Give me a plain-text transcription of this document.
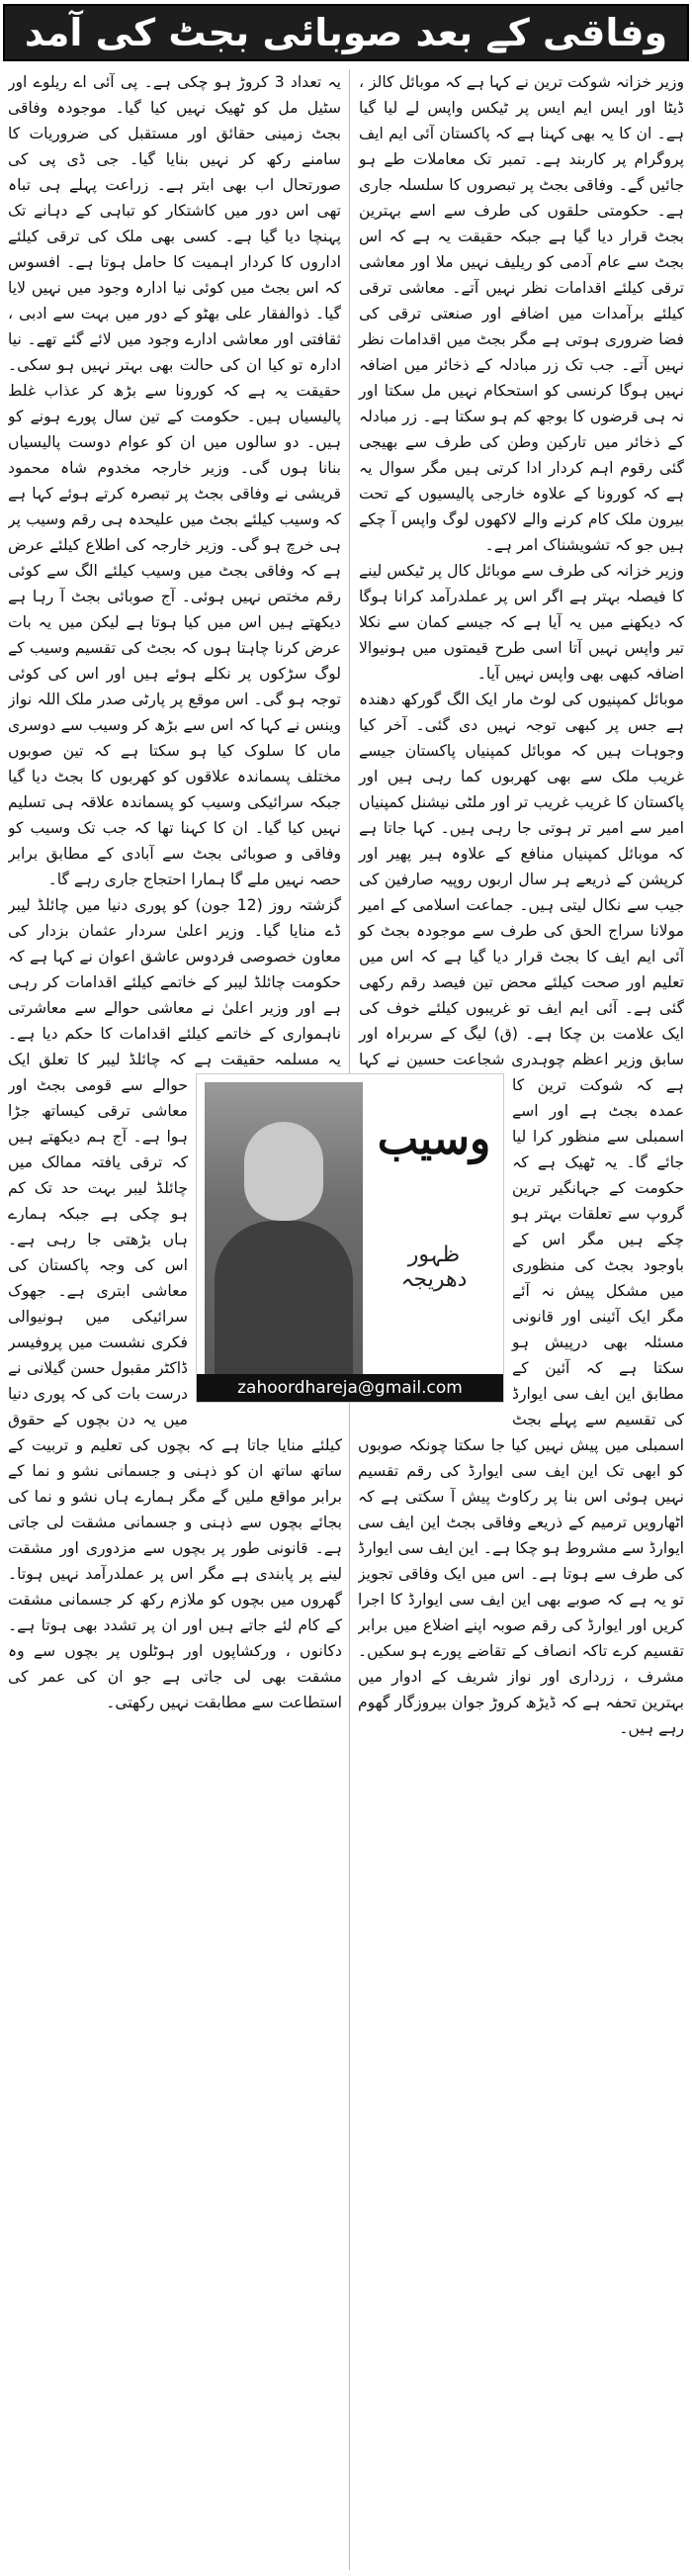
وفاقی کے بعد صوبائی بجٹ کی آمد

وزیر خزانہ شوکت ترین نے کہا ہے کہ موبائل کالز ، ڈیٹا اور ایس ایم ایس پر ٹیکس واپس لے لیا گیا ہے۔ ان کا یہ بھی کہنا ہے کہ پاکستان آئی ایم ایف پروگرام پر کاربند ہے۔ تمبر تک معاملات طے ہو جائیں گے۔ وفاقی بجٹ پر تبصروں کا سلسلہ جاری ہے۔ حکومتی حلقوں کی طرف سے اسے بہترین بجٹ قرار دیا گیا ہے جبکہ حقیقت یہ ہے کہ اس بجٹ سے عام آدمی کو ریلیف نہیں ملا اور معاشی ترقی کیلئے اقدامات نظر نہیں آتے۔ معاشی ترقی کیلئے برآمدات میں اضافے اور صنعتی ترقی کی فضا ضروری ہوتی ہے مگر بجٹ میں اقدامات نظر نہیں آتے۔ جب تک زر مبادلہ کے ذخائر میں اضافہ نہیں ہوگا کرنسی کو استحکام نہیں مل سکتا اور نہ ہی قرضوں کا بوجھ کم ہو سکتا ہے۔ زر مبادلہ کے ذخائر میں تارکین وطن کی طرف سے بھیجی گئی رقوم اہم کردار ادا کرتی ہیں مگر سوال یہ ہے کہ کورونا کے علاوہ خارجی پالیسیوں کے تحت بیرون ملک کام کرنے والے لاکھوں لوگ واپس آ چکے ہیں جو کہ تشویشناک امر ہے۔

وزیر خزانہ کی طرف سے موبائل کال پر ٹیکس لینے کا فیصلہ بہتر ہے اگر اس پر عملدرآمد کرانا ہوگا کہ دیکھنے میں یہ آیا ہے کہ جیسے کمان سے نکلا تیر واپس نہیں آتا اسی طرح قیمتوں میں ہونیوالا اضافہ کبھی بھی واپس نہیں آیا۔

موبائل کمپنیوں کی لوٹ مار ایک الگ گورکھ دھندہ ہے جس پر کبھی توجہ نہیں دی گئی۔ آخر کیا وجوہات ہیں کہ موبائل کمپنیاں پاکستان جیسے غریب ملک سے بھی کھربوں کما رہی ہیں اور پاکستان کا غریب غریب تر اور ملٹی نیشنل کمپنیاں امیر سے امیر تر ہوتی جا رہی ہیں۔ کہا جاتا ہے کہ موبائل کمپنیاں منافع کے علاوہ ہیر پھیر اور کرپشن کے ذریعے ہر سال اربوں روپیہ صارفین کی جیب سے نکال لیتی ہیں۔ جماعت اسلامی کے امیر مولانا سراج الحق کی طرف سے موجودہ بجٹ کو آئی ایم ایف کا بجٹ قرار دیا گیا ہے کہ اس میں تعلیم اور صحت کیلئے محض تین فیصد رقم رکھی گئی ہے۔ آئی ایم ایف تو غریبوں کیلئے خوف کی ایک علامت بن چکا ہے۔ (ق) لیگ کے سربراہ اور سابق وزیر اعظم چوہدری شجاعت حسین نے کہا ہے کہ شوکت ترین کا عمدہ بجٹ ہے اور اسے اسمبلی سے منظور کرا لیا جائے گا۔ یہ ٹھیک ہے کہ حکومت کے جہانگیر ترین گروپ سے تعلقات بہتر ہو چکے ہیں مگر اس کے باوجود بجٹ کی منظوری میں مشکل پیش نہ آئے مگر ایک آئینی اور قانونی مسئلہ بھی درپیش ہو سکتا ہے کہ آئین کے مطابق این ایف سی ایوارڈ کی تقسیم سے پہلے بجٹ اسمبلی میں پیش نہیں کیا جا سکتا چونکہ صوبوں کو ابھی تک این ایف سی ایوارڈ کی رقم تقسیم نہیں ہوئی اس بنا پر رکاوٹ پیش آ سکتی ہے کہ اٹھارویں ترمیم کے ذریعے وفاقی بجٹ این ایف سی ایوارڈ سے مشروط ہو چکا ہے۔ این ایف سی ایوارڈ کی طرف سے ہوتا ہے۔ اس میں ایک وفاقی تجویز تو یہ ہے کہ صوبے بھی این ایف سی ایوارڈ کا اجرا کریں اور ایوارڈ کی رقم صوبہ اپنے اضلاع میں برابر تقسیم کرے تاکہ انصاف کے تقاضے پورے ہو سکیں۔ مشرف ، زرداری اور نواز شریف کے ادوار میں بہترین تحفہ ہے کہ ڈیڑھ کروڑ جوان بیروزگار گھوم رہے ہیں۔

یہ تعداد 3 کروڑ ہو چکی ہے۔ پی آئی اے ریلوے اور سٹیل مل کو ٹھیک نہیں کیا گیا۔ موجودہ وفاقی بجٹ زمینی حقائق اور مستقبل کی ضروریات کا سامنے رکھ کر نہیں بنایا گیا۔ جی ڈی پی کی صورتحال اب بھی ابتر ہے۔ زراعت پہلے ہی تباہ تھی اس دور میں کاشتکار کو تباہی کے دہانے تک پہنچا دیا گیا ہے۔ کسی بھی ملک کی ترقی کیلئے اداروں کا کردار اہمیت کا حامل ہوتا ہے۔ افسوس کہ اس بجٹ میں کوئی نیا ادارہ وجود میں نہیں لایا گیا۔ ذوالفقار علی بھٹو کے دور میں بہت سے ادبی ، ثقافتی اور معاشی ادارے وجود میں لائے گئے تھے۔ نیا ادارہ تو کیا ان کی حالت بھی بہتر نہیں ہو سکی۔ حقیقت یہ ہے کہ کورونا سے بڑھ کر عذاب غلط پالیسیاں ہیں۔ حکومت کے تین سال پورے ہونے کو ہیں۔ دو سالوں میں ان کو عوام دوست پالیسیاں بنانا ہوں گی۔ وزیر خارجہ مخدوم شاہ محمود قریشی نے وفاقی بجٹ پر تبصرہ کرتے ہوئے کہا ہے کہ وسیب کیلئے بجٹ میں علیحدہ ہی رقم وسیب پر ہی خرچ ہو گی۔ وزیر خارجہ کی اطلاع کیلئے عرض ہے کہ وفاقی بجٹ میں وسیب کیلئے الگ سے کوئی رقم مختص نہیں ہوئی۔ آج صوبائی بجٹ آ رہا ہے دیکھتے ہیں اس میں کیا ہوتا ہے لیکن میں یہ بات عرض کرنا چاہتا ہوں کہ بجٹ کی تقسیم وسیب کے لوگ سڑکوں پر نکلے ہوئے ہیں اور اس کی کوئی توجہ ہو گی۔ اس موقع پر پارٹی صدر ملک اللہ نواز وینس نے کہا کہ اس سے بڑھ کر وسیب سے دوسری ماں کا سلوک کیا ہو سکتا ہے کہ تین صوبوں مختلف پسماندہ علاقوں کو کھربوں کا بجٹ دیا گیا جبکہ سرائیکی وسیب کو پسماندہ علاقہ ہی تسلیم نہیں کیا گیا۔ ان کا کہنا تھا کہ جب تک وسیب کو وفاقی و صوبائی بجٹ سے آبادی کے مطابق برابر حصہ نہیں ملے گا ہمارا احتجاج جاری رہے گا۔

گزشتہ روز (12 جون) کو پوری دنیا میں چائلڈ لیبر ڈے منایا گیا۔ وزیر اعلیٰ سردار عثمان بزدار کی معاون خصوصی فردوس عاشق اعوان نے کہا ہے کہ حکومت چائلڈ لیبر کے خاتمے کیلئے اقدامات کر رہی ہے اور وزیر اعلیٰ نے معاشی حوالے سے معاشرتی ناہمواری کے خاتمے کیلئے اقدامات کا حکم دیا ہے۔ یہ مسلمہ حقیقت ہے کہ چائلڈ لیبر کا تعلق ایک حوالے سے قومی بجٹ اور معاشی ترقی کیساتھ جڑا ہوا ہے۔ آج ہم دیکھتے ہیں کہ ترقی یافتہ ممالک میں چائلڈ لیبر بہت حد تک کم ہو چکی ہے جبکہ ہمارے ہاں بڑھتی جا رہی ہے۔ اس کی وجہ پاکستان کی معاشی ابتری ہے۔ جھوک سرائیکی میں ہونیوالی فکری نشست میں پروفیسر ڈاکٹر مقبول حسن گیلانی نے درست بات کی کہ پوری دنیا میں یہ دن بچوں کے حقوق کیلئے منایا جاتا ہے کہ بچوں کی تعلیم و تربیت کے ساتھ ساتھ ان کو ذہنی و جسمانی نشو و نما کے برابر مواقع ملیں گے مگر ہمارے ہاں نشو و نما کی بجائے بچوں سے ذہنی و جسمانی مشقت لی جاتی ہے۔ قانونی طور پر بچوں سے مزدوری اور مشقت لینے پر پابندی ہے مگر اس پر عملدرآمد نہیں ہوتا۔ گھروں میں بچوں کو ملازم رکھ کر جسمانی مشقت کے کام لئے جاتے ہیں اور ان پر تشدد بھی ہوتا ہے۔ دکانوں ، ورکشاپوں اور ہوٹلوں پر بچوں سے وہ مشقت بھی لی جاتی ہے جو ان کی عمر کی استطاعت سے مطابقت نہیں رکھتی۔

وسیب
ظہور دھریجہ
zahoordhareja@gmail.com
